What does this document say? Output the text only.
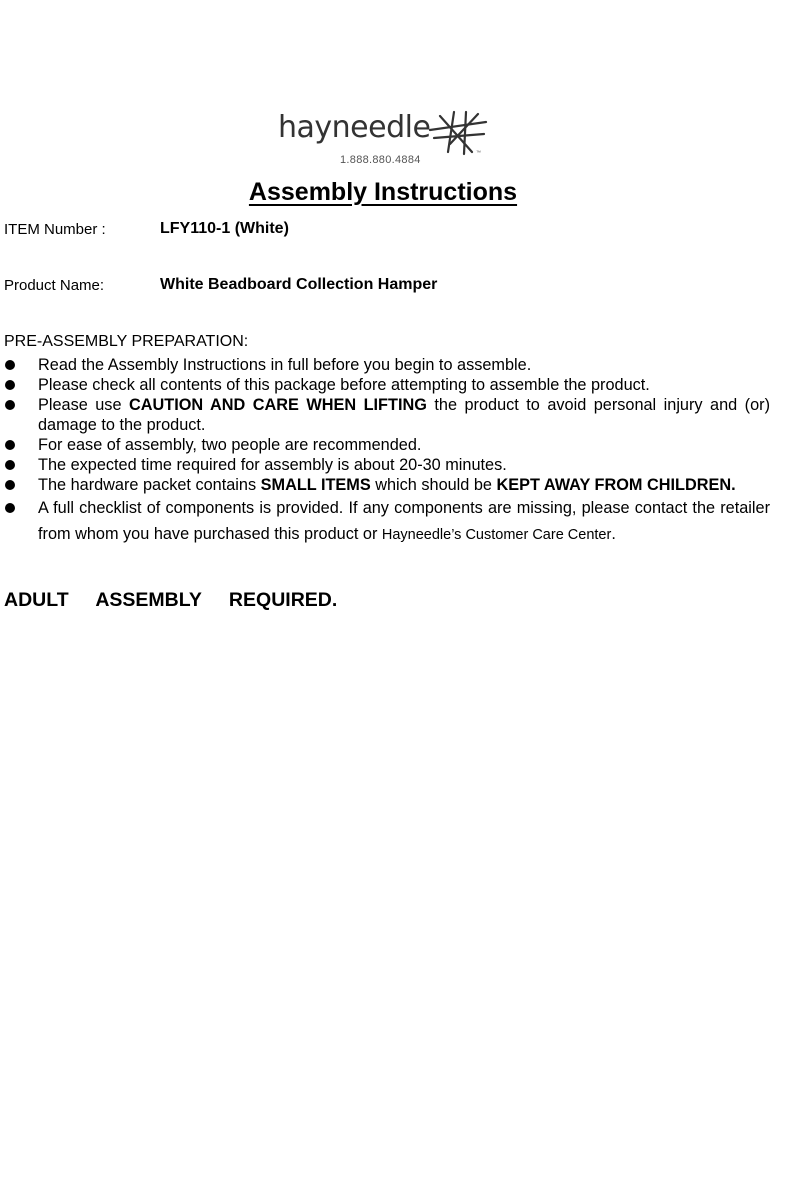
hayneedle
™
1.888.880.4884
Assembly Instructions
ITEM Number :	LFY110-1 (White)
Product Name:	White Beadboard Collection Hamper
PRE-ASSEMBLY PREPARATION:
Read the Assembly Instructions in full before you begin to assemble.
Please check all contents of this package before attempting to assemble the product.
Please use CAUTION AND CARE WHEN LIFTING the product to avoid personal injury and (or) damage to the product.
For ease of assembly, two people are recommended.
The expected time required for assembly is about 20-30 minutes.
The hardware packet contains SMALL ITEMS which should be KEPT AWAY FROM CHILDREN.
A full checklist of components is provided. If any components are missing, please contact the retailer from whom you have purchased this product or Hayneedle’s Customer Care Center.
ADULT ASSEMBLY REQUIRED.
